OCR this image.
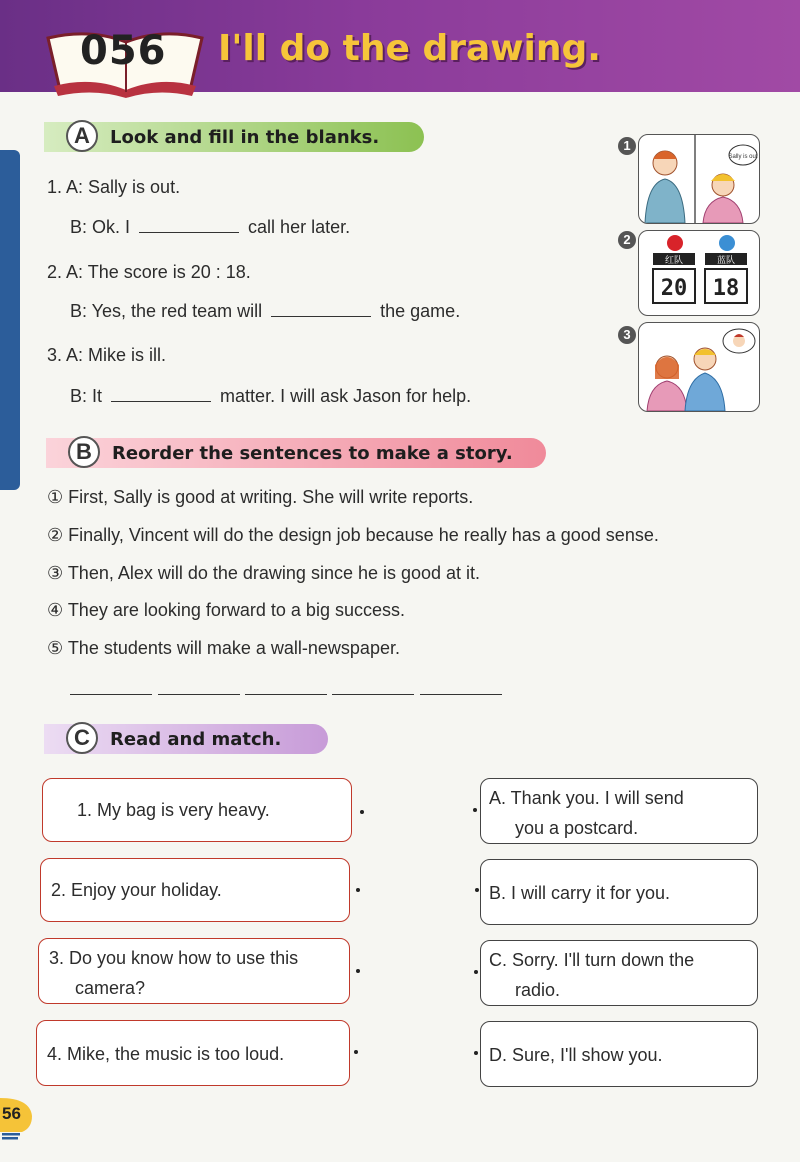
056 I'll do the drawing.
A	Look and fill in the blanks.
1. A: Sally is out.
B: Ok. I	call her later.
2. A: The score is 20 : 18.
B: Yes, the red team will	the game.
3. A: Mike is ill.
B: It	matter. I will ask Jason for help.
1
Sally is out
2
红队	蓝队
20 18
3
B	Reorder the sentences to make a story.
① First, Sally is good at writing. She will write reports.
② Finally, Vincent will do the design job because he really has a good sense.
③ Then, Alex will do the drawing since he is good at it.
④ They are looking forward to a big success.
⑤ The students will make a wall-newspaper.
C	Read and match.
1. My bag is very heavy.
2. Enjoy your holiday.
3. Do you know how to use this
camera?
4. Mike, the music is too loud.
A. Thank you. I will send
you a postcard.
B. I will carry it for you.
C. Sorry. I'll turn down the
radio.
D. Sure, I'll show you.
56
